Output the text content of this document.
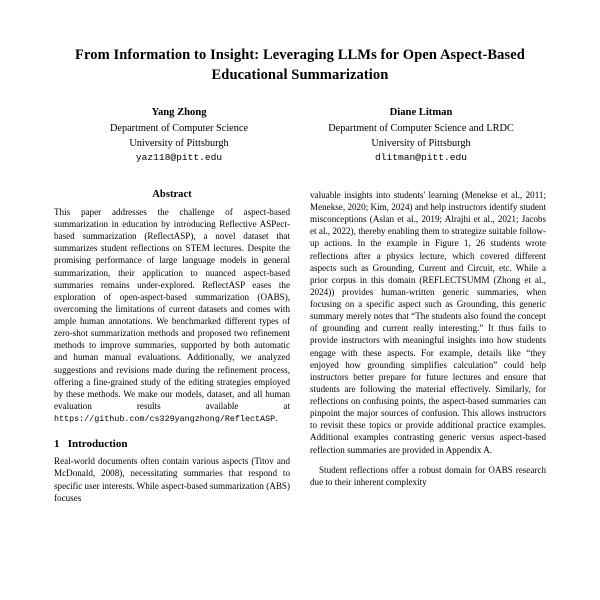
From Information to Insight: Leveraging LLMs for Open Aspect-Based Educational Summarization
Yang Zhong
Department of Computer Science
University of Pittsburgh
yaz118@pitt.edu
Diane Litman
Department of Computer Science and LRDC
University of Pittsburgh
dlitman@pitt.edu
Abstract

This paper addresses the challenge of aspect-based summarization in education by introducing Reflective ASPect-based summarization (ReflectASP), a novel dataset that summarizes student reflections on STEM lectures. Despite the promising performance of large language models in general summarization, their application to nuanced aspect-based summaries remains under-explored. ReflectASP eases the exploration of open-aspect-based summarization (OABS), overcoming the limitations of current datasets and comes with ample human annotations. We benchmarked different types of zero-shot summarization methods and proposed two refinement methods to improve summaries, supported by both automatic and human manual evaluations. Additionally, we analyzed suggestions and revisions made during the refinement process, offering a fine-grained study of the editing strategies employed by these methods. We make our models, dataset, and all human evaluation results available at https://github.com/cs329yangzhong/ReflectASP.

1 Introduction

Real-world documents often contain various aspects (Titov and McDonald, 2008), necessitating summaries that respond to specific user interests. While aspect-based summarization (ABS) focuses

valuable insights into students' learning (Menekse et al., 2011; Menekse, 2020; Kim, 2024) and help instructors identify student misconceptions (Aslan et al., 2019; Alrajhi et al., 2021; Jacobs et al., 2022), thereby enabling them to strategize suitable follow-up actions. In the example in Figure 1, 26 students wrote reflections after a physics lecture, which covered different aspects such as Grounding, Current and Circuit, etc. While a prior corpus in this domain (REFLECTSUMM (Zhong et al., 2024)) provides human-written generic summaries, when focusing on a specific aspect such as Grounding, this generic summary merely notes that “The students also found the concept of grounding and current really interesting.” It thus fails to provide instructors with meaningful insights into how students engage with these aspects. For example, details like “they enjoyed how grounding simplifies calculation” could help instructors better prepare for future lectures and ensure that students are following the material effectively. Similarly, for reflections on confusing points, the aspect-based summaries can pinpoint the major sources of confusion. This allows instructors to revisit these topics or provide additional practice examples. Additional examples contrasting generic versus aspect-based reflection summaries are provided in Appendix A.

Student reflections offer a robust domain for OABS research due to their inherent complexity
